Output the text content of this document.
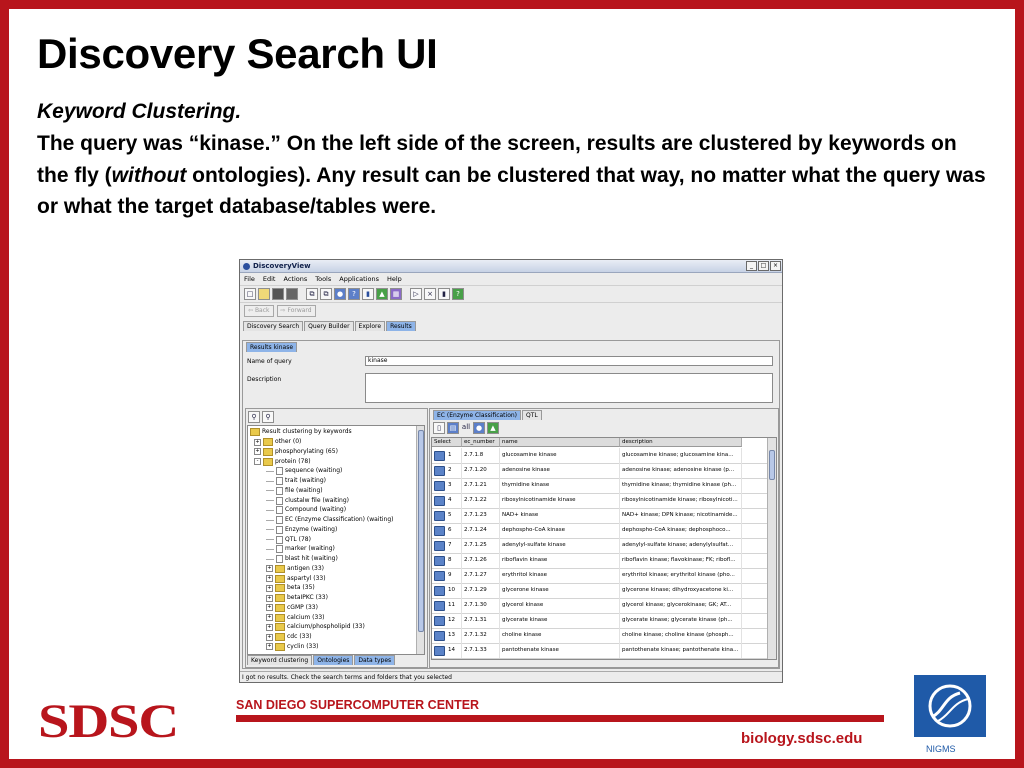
Discovery Search UI
Keyword Clustering.
The query was “kinase.” On the left side of the screen, results are clustered by keywords on the fly (without ontologies). Any result can be clustered that way, no matter what the query was or what the target database/tables were.
DiscoveryView	_	□	×
File Edit Actions Tools Applications Help
□	⧉	⧉	●	?	▮	▲	▦	▷	×	▮	?
⇦ Back	⇨ Forward
Discovery Search	Query Builder	Explore	Results
Results kinase
Name of query	kinase
Description
⚲	⚲
Result clustering by keywords
+	other (0)
+	phosphorylating (65)
-	protein (78)
sequence (waiting)
trait (waiting)
file (waiting)
clustalw file (waiting)
Compound (waiting)
EC (Enzyme Classification) (waiting)
Enzyme (waiting)
QTL (78)
marker (waiting)
blast hit (waiting)
+	antigen (33)
+	aspartyl (33)
+	beta (35)
+	betaIPKC (33)
+	cGMP (33)
+	calcium (33)
+	calcium/phospholipid (33)
+	cdc (33)
+	cyclin (33)
Keyword clustering	Ontologies	Data types
EC (Enzyme Classification)	QTL
▯	▤ all ●	▲
Select	ec_number	name	description
1	2.7.1.8	glucosamine kinase	glucosamine kinase; glucosamine kina...
2	2.7.1.20	adenosine kinase	adenosine kinase; adenosine kinase (p...
3	2.7.1.21	thymidine kinase	thymidine kinase; thymidine kinase (ph...
4	2.7.1.22	ribosylnicotinamide kinase	ribosylnicotinamide kinase; ribosylnicoti...
5	2.7.1.23	NAD+ kinase	NAD+ kinase; DPN kinase; nicotinamide...
6	2.7.1.24	dephospho-CoA kinase	dephospho-CoA kinase; dephosphoco...
7	2.7.1.25	adenylyl-sulfate kinase	adenylyl-sulfate kinase; adenylylsulfat...
8	2.7.1.26	riboflavin kinase	riboflavin kinase; flavokinase; FK; ribofl...
9	2.7.1.27	erythritol kinase	erythritol kinase; erythritol kinase (pho...
10	2.7.1.29	glycerone kinase	glycerone kinase; dihydroxyacetone ki...
11	2.7.1.30	glycerol kinase	glycerol kinase; glycerokinase; GK; AT...
12	2.7.1.31	glycerate kinase	glycerate kinase; glycerate kinase (ph...
13	2.7.1.32	choline kinase	choline kinase; choline kinase (phosph...
14	2.7.1.33	pantothenate kinase	pantothenate kinase; pantothenate kina...
I got no results. Check the search terms and folders that you selected
SDSC	SAN DIEGO SUPERCOMPUTER CENTER
biology.sdsc.edu
NIGMS
